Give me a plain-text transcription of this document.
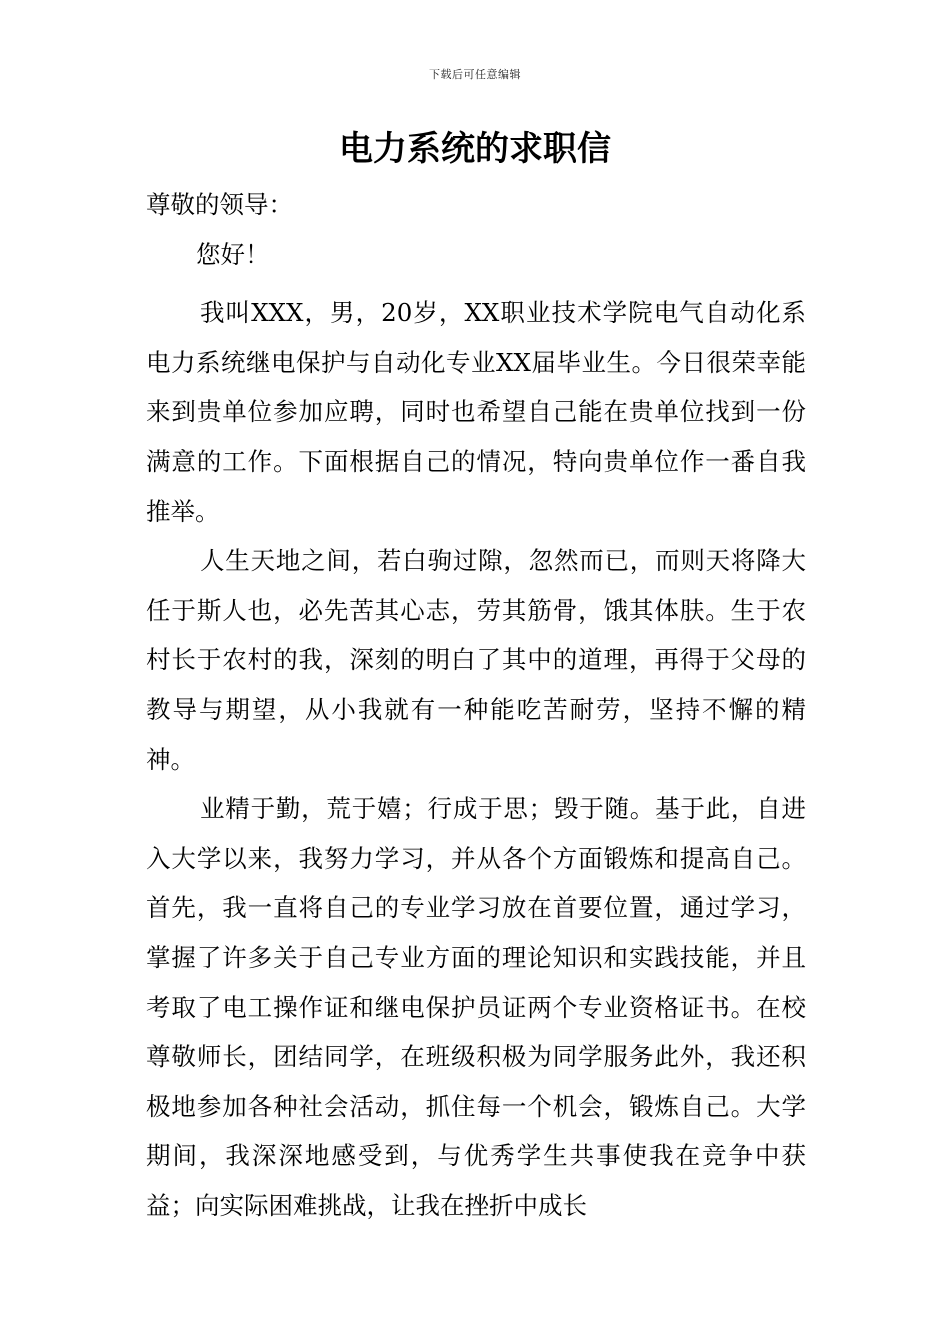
下载后可任意编辑
电力系统的求职信

尊敬的领导：

您好！

我叫XXX，男，20岁，XX职业技术学院电气自动化系电力系统继电保护与自动化专业XX届毕业生。今日很荣幸能来到贵单位参加应聘，同时也希望自己能在贵单位找到一份满意的工作。下面根据自己的情况，特向贵单位作一番自我推举。

人生天地之间，若白驹过隙，忽然而已，而则天将降大任于斯人也，必先苦其心志，劳其筋骨，饿其体肤。生于农村长于农村的我，深刻的明白了其中的道理，再得于父母的教导与期望，从小我就有一种能吃苦耐劳，坚持不懈的精神。

业精于勤，荒于嬉；行成于思；毁于随。基于此，自进入大学以来，我努力学习，并从各个方面锻炼和提高自己。首先，我一直将自己的专业学习放在首要位置，通过学习，掌握了许多关于自己专业方面的理论知识和实践技能，并且考取了电工操作证和继电保护员证两个专业资格证书。在校尊敬师长，团结同学，在班级积极为同学服务此外，我还积极地参加各种社会活动，抓住每一个机会，锻炼自己。大学期间，我深深地感受到，与优秀学生共事使我在竞争中获益；向实际困难挑战，让我在挫折中成长
